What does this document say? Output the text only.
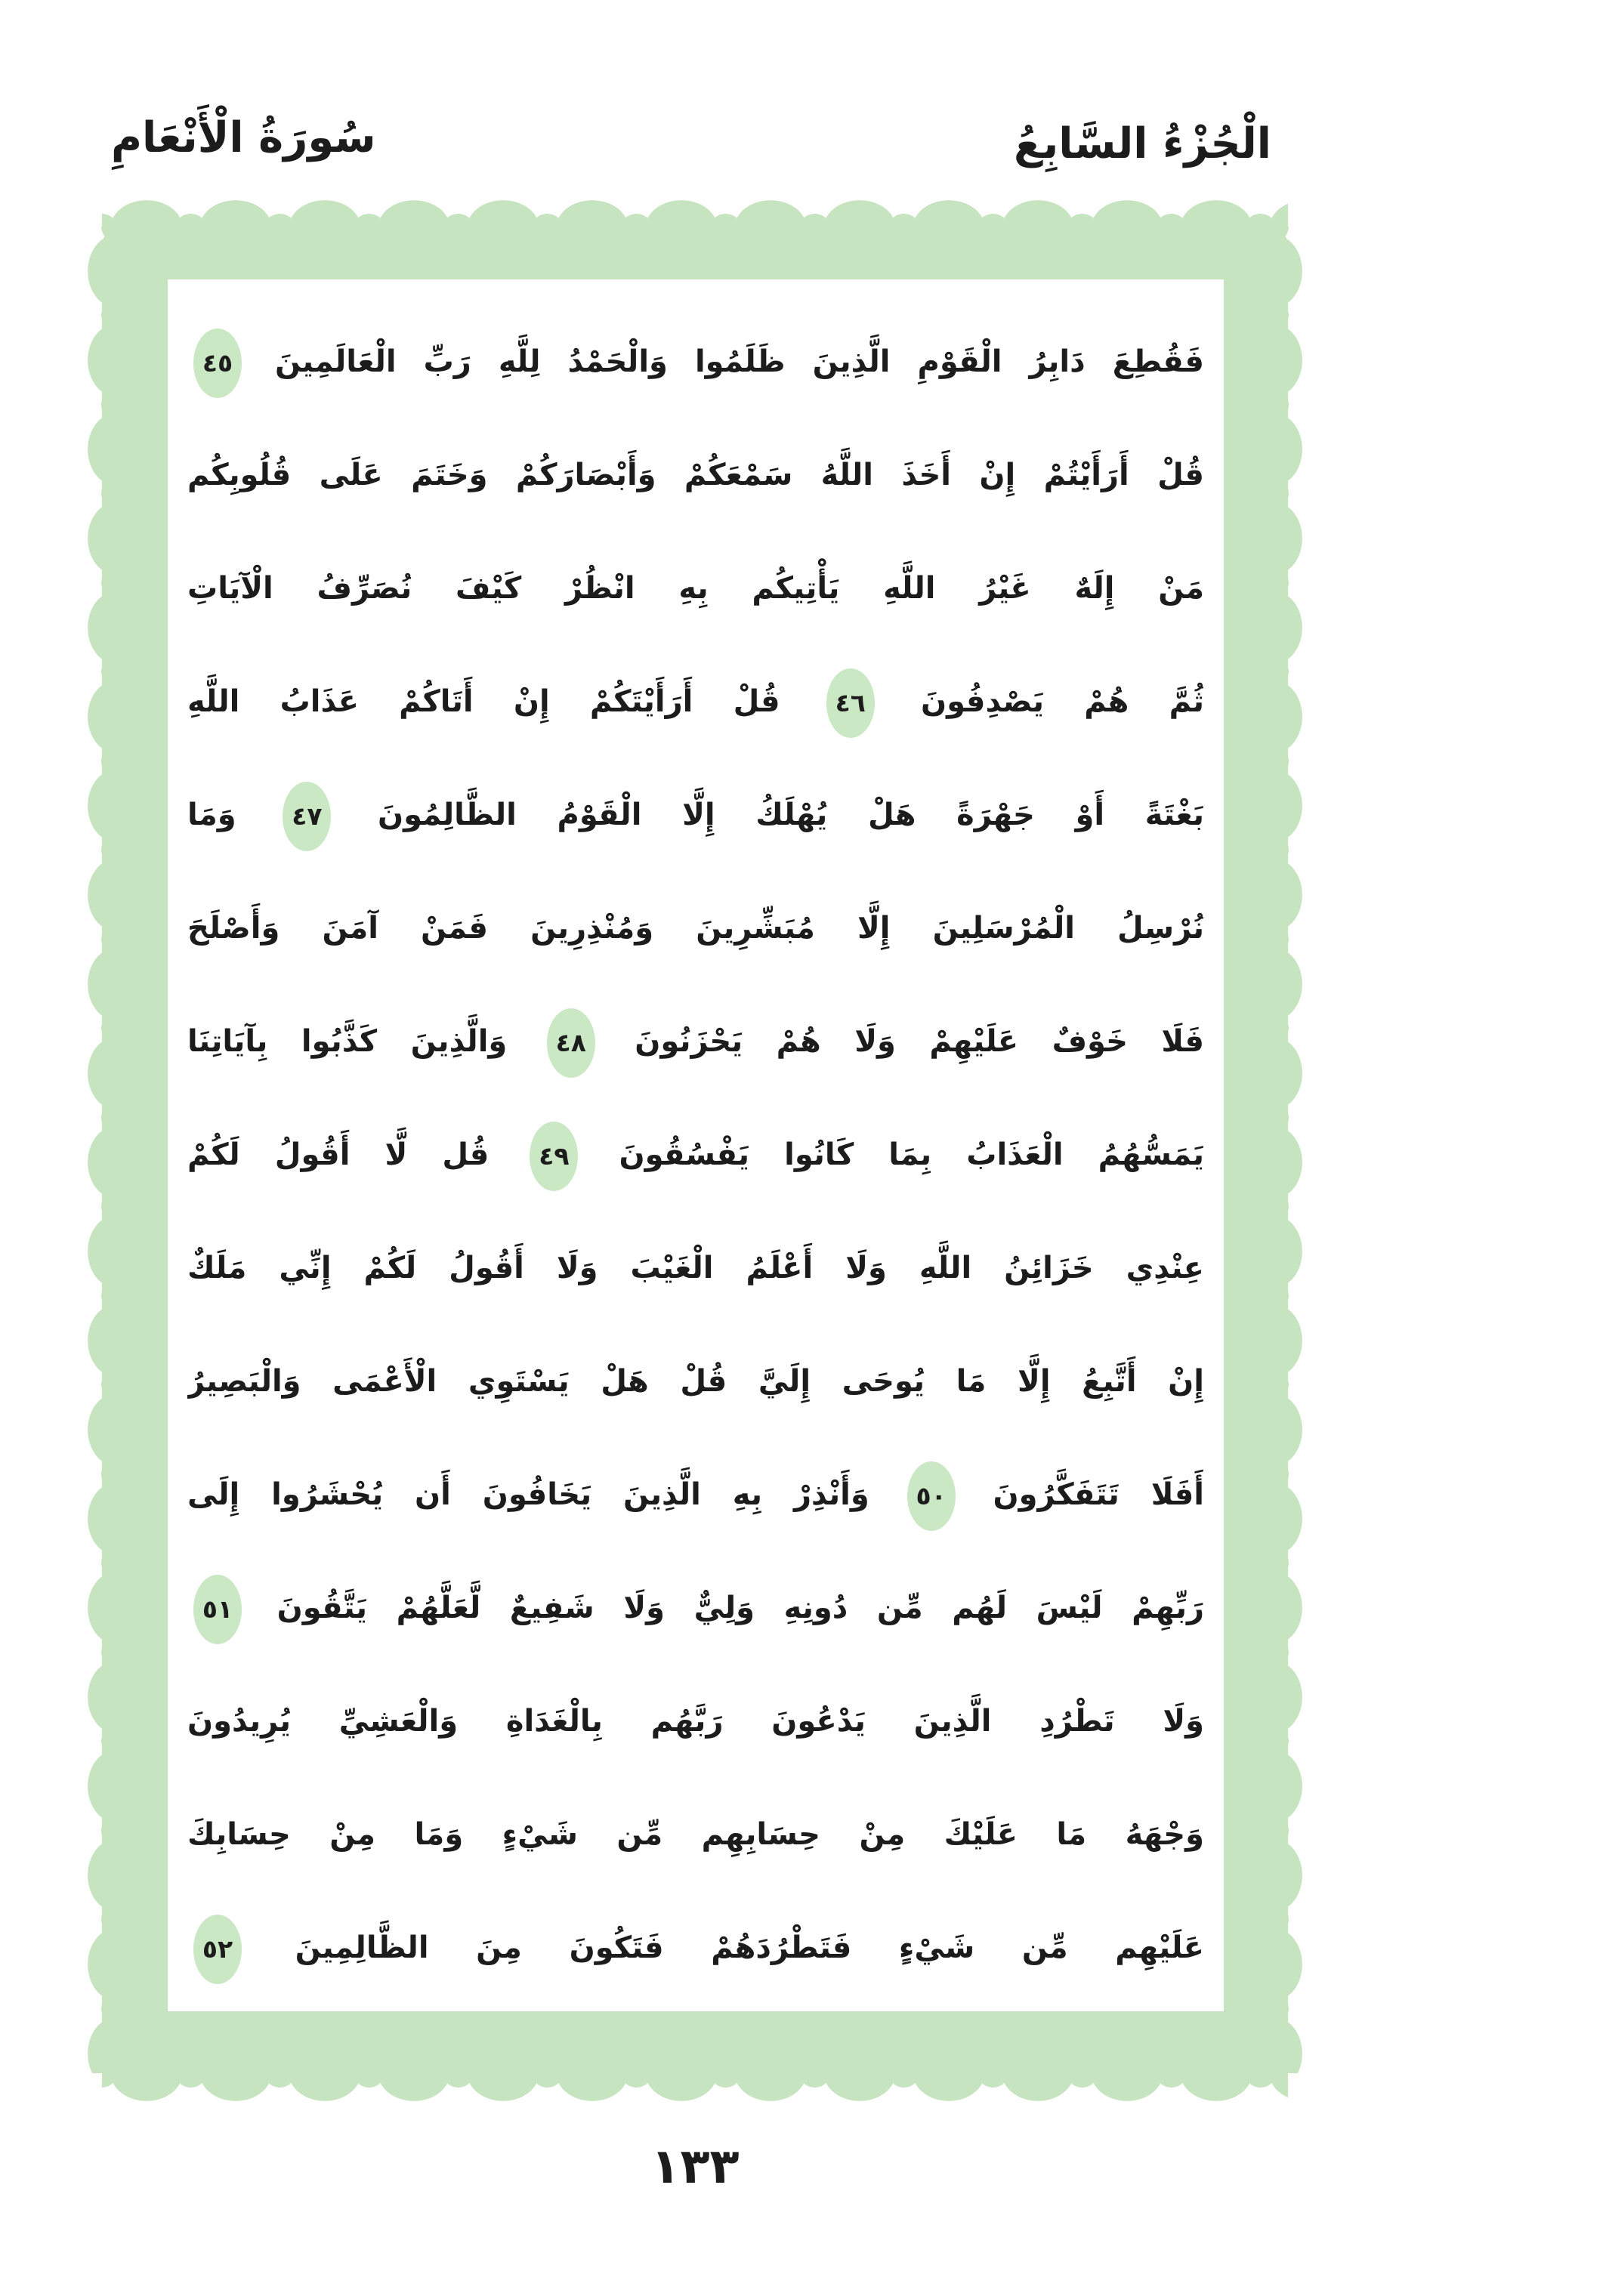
الْجُزْءُ السَّابِعُ
سُورَةُ الْأَنْعَامِ
فَقُطِعَ دَابِرُ الْقَوْمِ الَّذِينَ ظَلَمُوا وَالْحَمْدُ لِلَّهِ رَبِّ الْعَالَمِينَ ٤٥
قُلْ أَرَأَيْتُمْ إِنْ أَخَذَ اللَّهُ سَمْعَكُمْ وَأَبْصَارَكُمْ وَخَتَمَ عَلَى قُلُوبِكُم
مَنْ إِلَهٌ غَيْرُ اللَّهِ يَأْتِيكُم بِهِ انْظُرْ كَيْفَ نُصَرِّفُ الْآيَاتِ
ثُمَّ هُمْ يَصْدِفُونَ ٤٦ قُلْ أَرَأَيْتَكُمْ إِنْ أَتَاكُمْ عَذَابُ اللَّهِ
بَغْتَةً أَوْ جَهْرَةً هَلْ يُهْلَكُ إِلَّا الْقَوْمُ الظَّالِمُونَ ٤٧ وَمَا
نُرْسِلُ الْمُرْسَلِينَ إِلَّا مُبَشِّرِينَ وَمُنْذِرِينَ فَمَنْ آمَنَ وَأَصْلَحَ
فَلَا خَوْفٌ عَلَيْهِمْ وَلَا هُمْ يَحْزَنُونَ ٤٨ وَالَّذِينَ كَذَّبُوا بِآيَاتِنَا
يَمَسُّهُمُ الْعَذَابُ بِمَا كَانُوا يَفْسُقُونَ ٤٩ قُل لَّا أَقُولُ لَكُمْ
عِنْدِي خَزَائِنُ اللَّهِ وَلَا أَعْلَمُ الْغَيْبَ وَلَا أَقُولُ لَكُمْ إِنِّي مَلَكٌ
إِنْ أَتَّبِعُ إِلَّا مَا يُوحَى إِلَيَّ قُلْ هَلْ يَسْتَوِي الْأَعْمَى وَالْبَصِيرُ
أَفَلَا تَتَفَكَّرُونَ ٥٠ وَأَنْذِرْ بِهِ الَّذِينَ يَخَافُونَ أَن يُحْشَرُوا إِلَى
رَبِّهِمْ لَيْسَ لَهُم مِّن دُونِهِ وَلِيٌّ وَلَا شَفِيعٌ لَّعَلَّهُمْ يَتَّقُونَ ٥١
وَلَا تَطْرُدِ الَّذِينَ يَدْعُونَ رَبَّهُم بِالْغَدَاةِ وَالْعَشِيِّ يُرِيدُونَ
وَجْهَهُ مَا عَلَيْكَ مِنْ حِسَابِهِم مِّن شَيْءٍ وَمَا مِنْ حِسَابِكَ
عَلَيْهِم مِّن شَيْءٍ فَتَطْرُدَهُمْ فَتَكُونَ مِنَ الظَّالِمِينَ ٥٢
١٣٣
